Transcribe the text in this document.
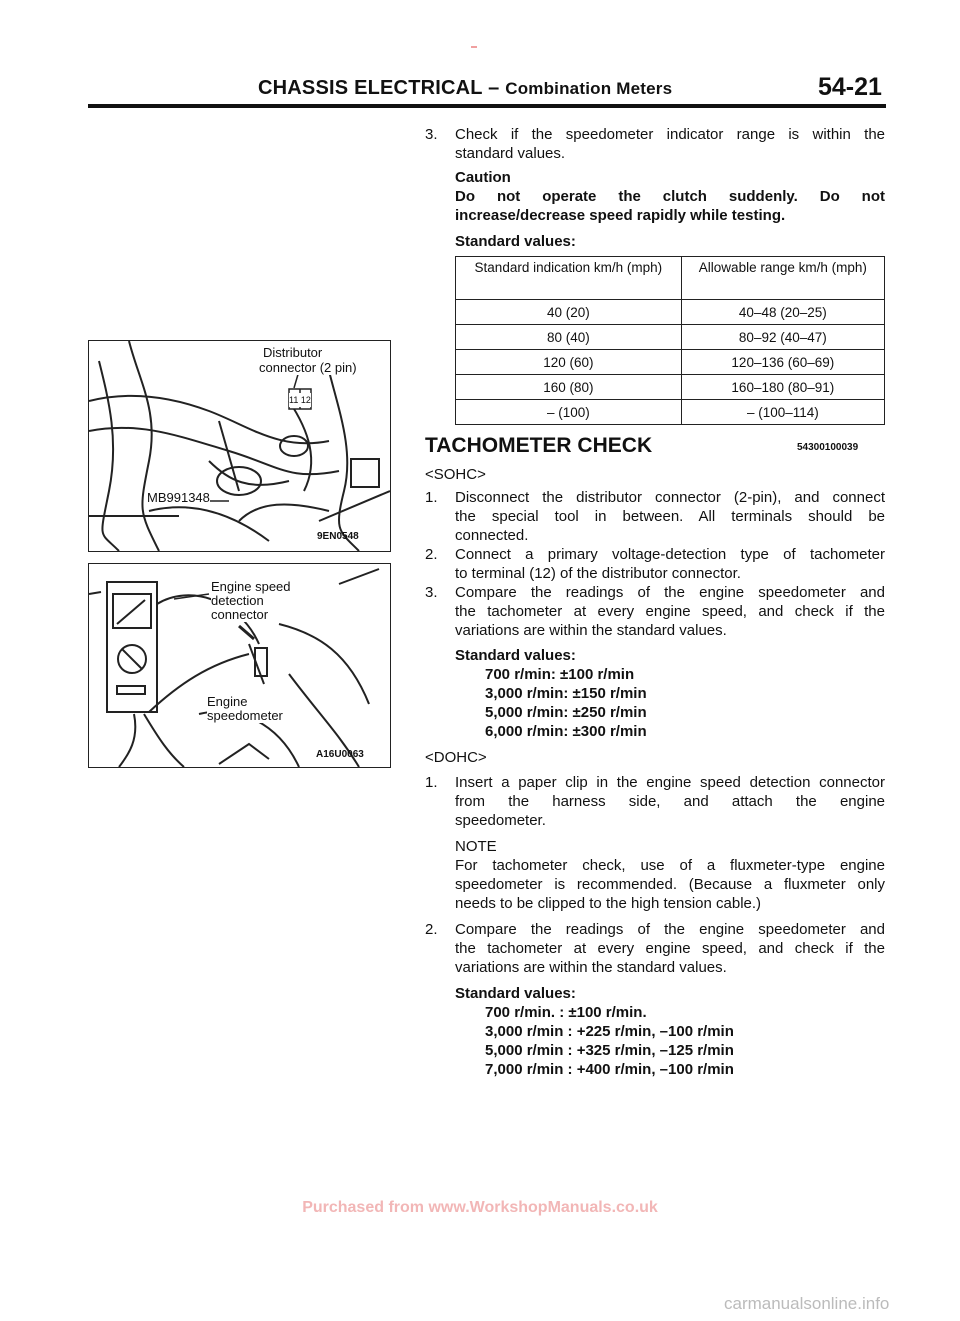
CHASSIS ELECTRICAL – Combination Meters	54-21
Distributor
connector (2 pin)
11 12
MB991348
9EN0548
Engine speed
detection
connector
Engine
speedometer
A16U0063
3. Check if the speedometer indicator range is within the
standard values.
Caution
Do not operate the clutch suddenly. Do not
increase/decrease speed rapidly while testing.
Standard values:
Standard indication km/h (mph)	Allowable range km/h (mph)
40 (20)	40–48 (20–25)
80 (40)	80–92 (40–47)
120 (60)	120–136 (60–69)
160 (80)	160–180 (80–91)
– (100)	– (100–114)
TACHOMETER CHECK	54300100039
<SOHC>
1. Disconnect the distributor connector (2-pin), and connect
the special tool in between. All terminals should be
connected.
2. Connect a primary voltage-detection type of tachometer
to terminal (12) of the distributor connector.
3. Compare the readings of the engine speedometer and
the tachometer at every engine speed, and check if the
variations are within the standard values.
Standard values:
700 r/min: ±100 r/min
3,000 r/min: ±150 r/min
5,000 r/min: ±250 r/min
6,000 r/min: ±300 r/min
<DOHC>
1. Insert a paper clip in the engine speed detection connector
from the harness side, and attach the engine
speedometer.
NOTE
For tachometer check, use of a fluxmeter-type engine
speedometer is recommended. (Because a fluxmeter only
needs to be clipped to the high tension cable.)
2. Compare the readings of the engine speedometer and
the tachometer at every engine speed, and check if the
variations are within the standard values.
Standard values:
700 r/min. : ±100 r/min.
3,000 r/min : +225 r/min, –100 r/min
5,000 r/min : +325 r/min, –125 r/min
7,000 r/min : +400 r/min, –100 r/min
Purchased from www.WorkshopManuals.co.uk
carmanualsonline.info
